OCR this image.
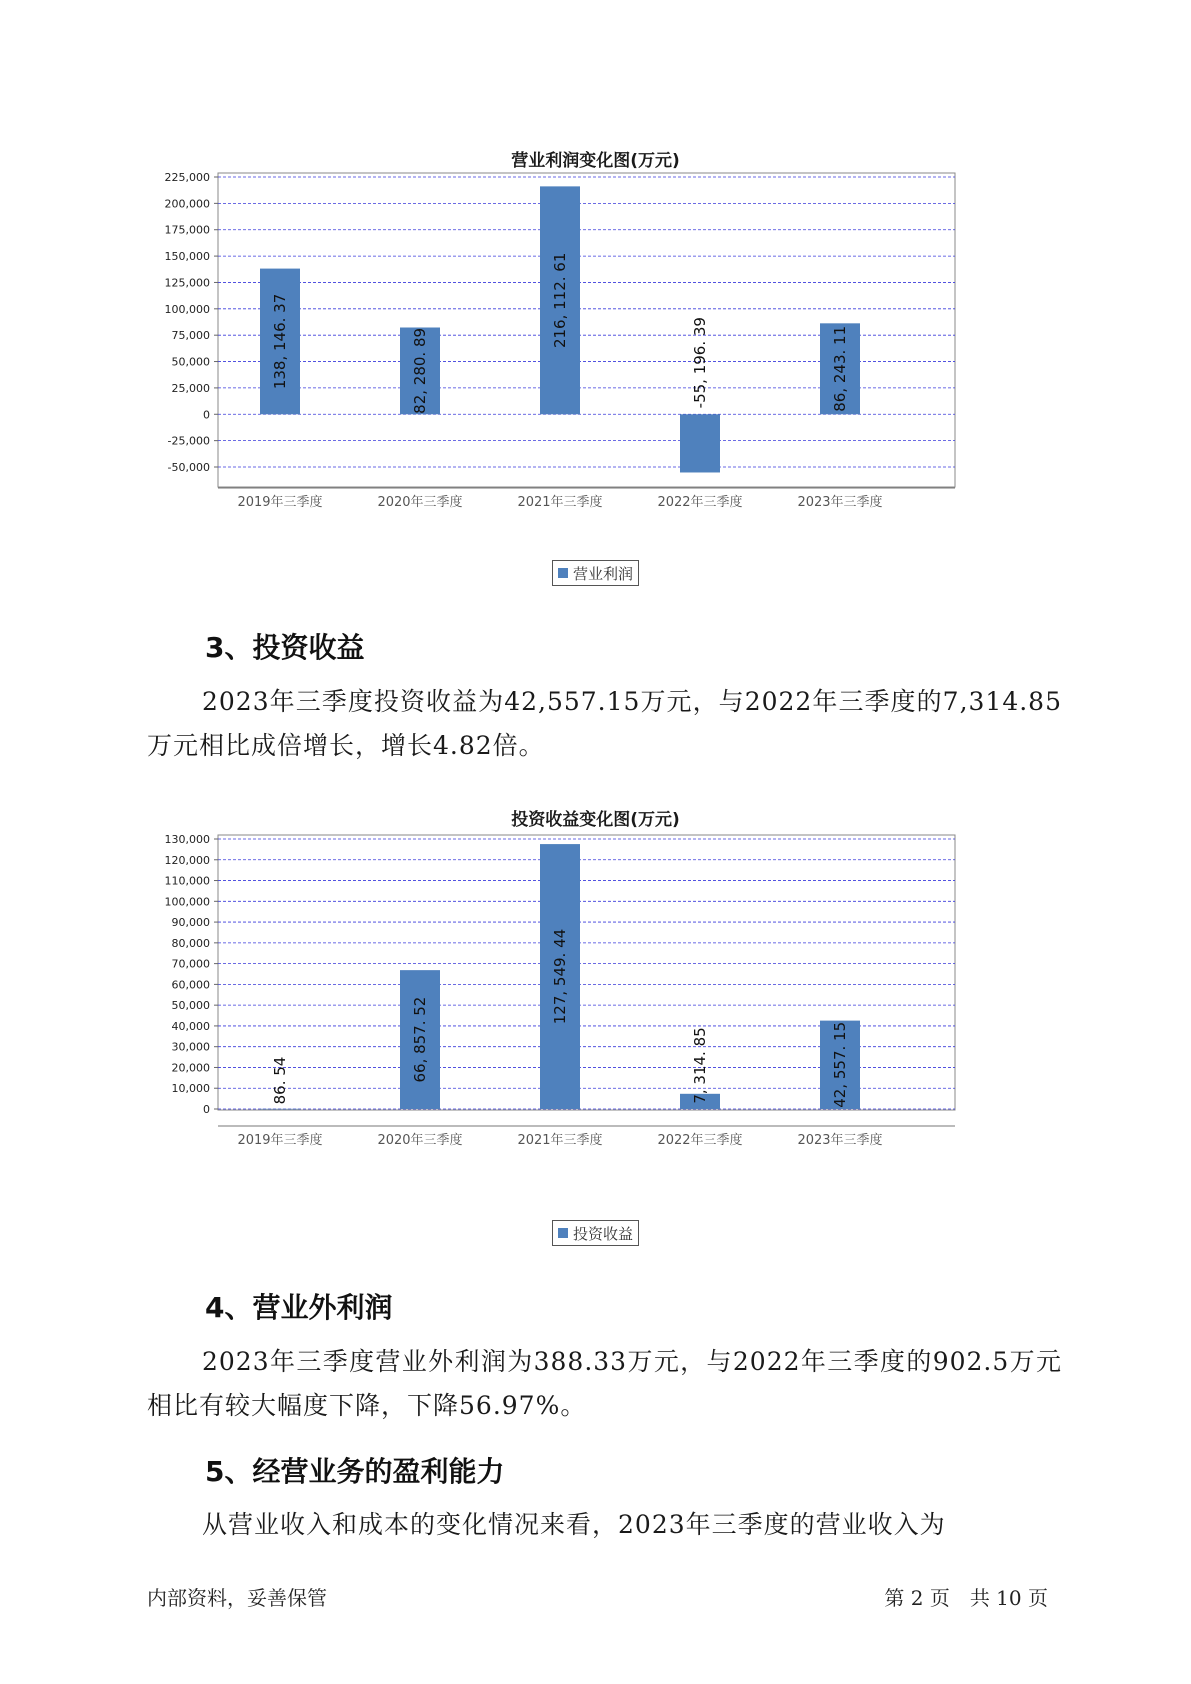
营业利润变化图(万元)
225,000
200,000
175,000
150,000
125,000
100,000
75,000
50,000
25,000
0
-25,000
-50,000
138, 146. 37
2019年三季度
82, 280. 89
2020年三季度
216, 112. 61
2021年三季度
-55, 196. 39
2022年三季度
86, 243. 11
2023年三季度
营业利润
3、投资收益

2023年三季度投资收益为42,557.15万元，与2022年三季度的7,314.85万元相比成倍增长，增长4.82倍。

投资收益变化图(万元)
130,000
120,000
110,000
100,000
90,000
80,000
70,000
60,000
50,000
40,000
30,000
20,000
10,000
0
86. 54
2019年三季度
66, 857. 52
2020年三季度
127, 549. 44
2021年三季度
7, 314. 85
2022年三季度
42, 557. 15
2023年三季度
投资收益
4、营业外利润

2023年三季度营业外利润为388.33万元，与2022年三季度的902.5万元相比有较大幅度下降，下降56.97%。

5、经营业务的盈利能力

从营业收入和成本的变化情况来看，2023年三季度的营业收入为

内部资料，妥善保管	第 2 页　共 10 页
